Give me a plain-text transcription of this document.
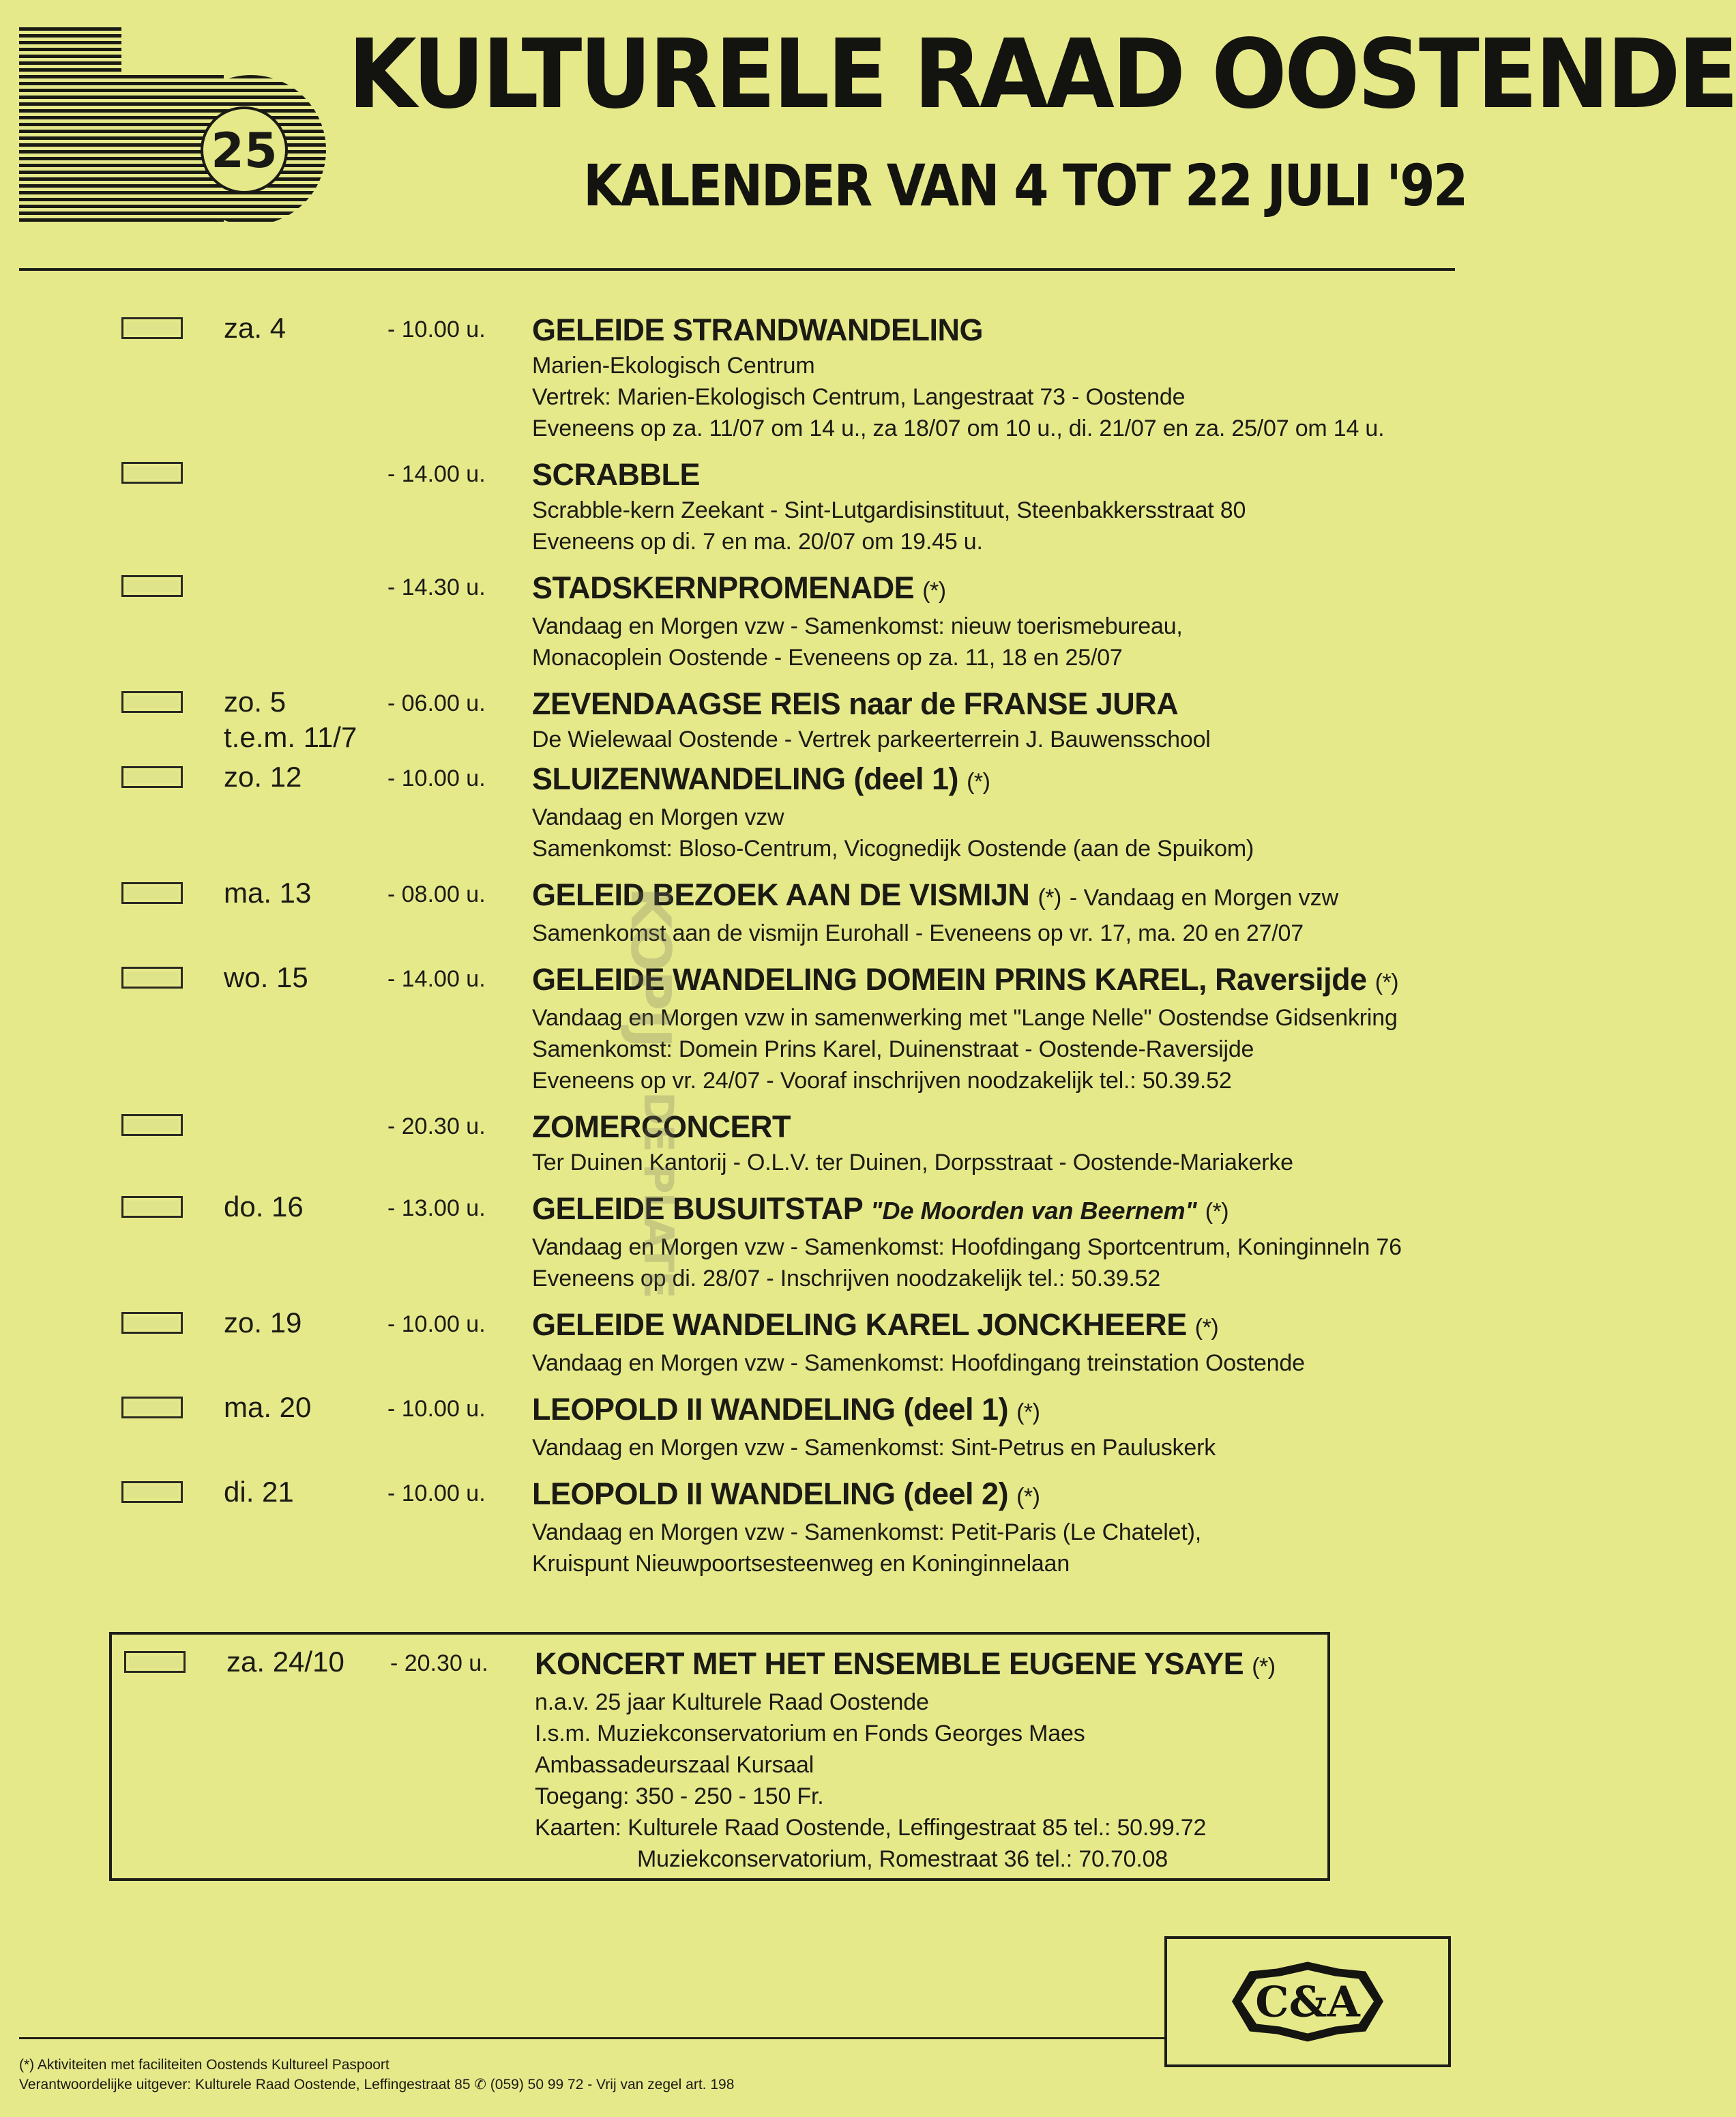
25
KULTURELE RAAD OOSTENDE
KALENDER VAN 4 TOT 22 JULI '92
za. 4	- 10.00 u.	GELEIDE STRANDWANDELING
Marien-Ekologisch Centrum
Vertrek: Marien-Ekologisch Centrum, Langestraat 73 - Oostende
Eveneens op za. 11/07 om 14 u., za 18/07 om 10 u., di. 21/07 en za. 25/07 om 14 u.
- 14.00 u.	SCRABBLE
Scrabble-kern Zeekant - Sint-Lutgardisinstituut, Steenbakkersstraat 80
Eveneens op di. 7 en ma. 20/07 om 19.45 u.
- 14.30 u.	STADSKERNPROMENADE (*)
Vandaag en Morgen vzw - Samenkomst: nieuw toerismebureau,
Monacoplein Oostende - Eveneens op za. 11, 18 en 25/07
zo. 5
t.e.m. 11/7
- 06.00 u.	ZEVENDAAGSE REIS naar de FRANSE JURA
De Wielewaal Oostende - Vertrek parkeerterrein J. Bauwensschool
zo. 12	- 10.00 u.	SLUIZENWANDELING (deel 1) (*)
Vandaag en Morgen vzw
Samenkomst: Bloso-Centrum, Vicognedijk Oostende (aan de Spuikom)
ma. 13	- 08.00 u.	GELEID BEZOEK AAN DE VISMIJN (*) - Vandaag en Morgen vzw
Samenkomst aan de vismijn Eurohall - Eveneens op vr. 17, ma. 20 en 27/07
wo. 15	- 14.00 u.	GELEIDE WANDELING DOMEIN PRINS KAREL, Raversijde (*)
Vandaag en Morgen vzw in samenwerking met "Lange Nelle" Oostendse Gidsenkring
Samenkomst: Domein Prins Karel, Duinenstraat - Oostende-Raversijde
Eveneens op vr. 24/07 - Vooraf inschrijven noodzakelijk tel.: 50.39.52
- 20.30 u.	ZOMERCONCERT
Ter Duinen Kantorij - O.L.V. ter Duinen, Dorpsstraat - Oostende-Mariakerke
do. 16	- 13.00 u.	GELEIDE BUSUITSTAP "De Moorden van Beernem" (*)
Vandaag en Morgen vzw - Samenkomst: Hoofdingang Sportcentrum, Koninginneln 76
Eveneens op di. 28/07 - Inschrijven noodzakelijk tel.: 50.39.52
zo. 19	- 10.00 u.	GELEIDE WANDELING KAREL JONCKHEERE (*)
Vandaag en Morgen vzw - Samenkomst: Hoofdingang treinstation Oostende
ma. 20	- 10.00 u.	LEOPOLD II WANDELING (deel 1) (*)
Vandaag en Morgen vzw - Samenkomst: Sint-Petrus en Pauluskerk
di. 21	- 10.00 u.	LEOPOLD II WANDELING (deel 2) (*)
Vandaag en Morgen vzw - Samenkomst: Petit-Paris (Le Chatelet),
Kruispunt Nieuwpoortsesteenweg en Koninginnelaan
za. 24/10	- 20.30 u.	KONCERT MET HET ENSEMBLE EUGENE YSAYE (*)
n.a.v. 25 jaar Kulturele Raad Oostende
I.s.m. Muziekconservatorium en Fonds Georges Maes
Ambassadeurszaal Kursaal
Toegang: 350 - 250 - 150 Fr.
Kaarten: Kulturele Raad Oostende, Leffingestraat 85 tel.: 50.99.72
Muziekconservatorium, Romestraat 36 tel.: 70.70.08
KOPIJ
DE PLATE
C&A
(*) Aktiviteiten met faciliteiten Oostends Kultureel Paspoort
Verantwoordelijke uitgever: Kulturele Raad Oostende, Leffingestraat 85 ✆ (059) 50 99 72 - Vrij van zegel art. 198
